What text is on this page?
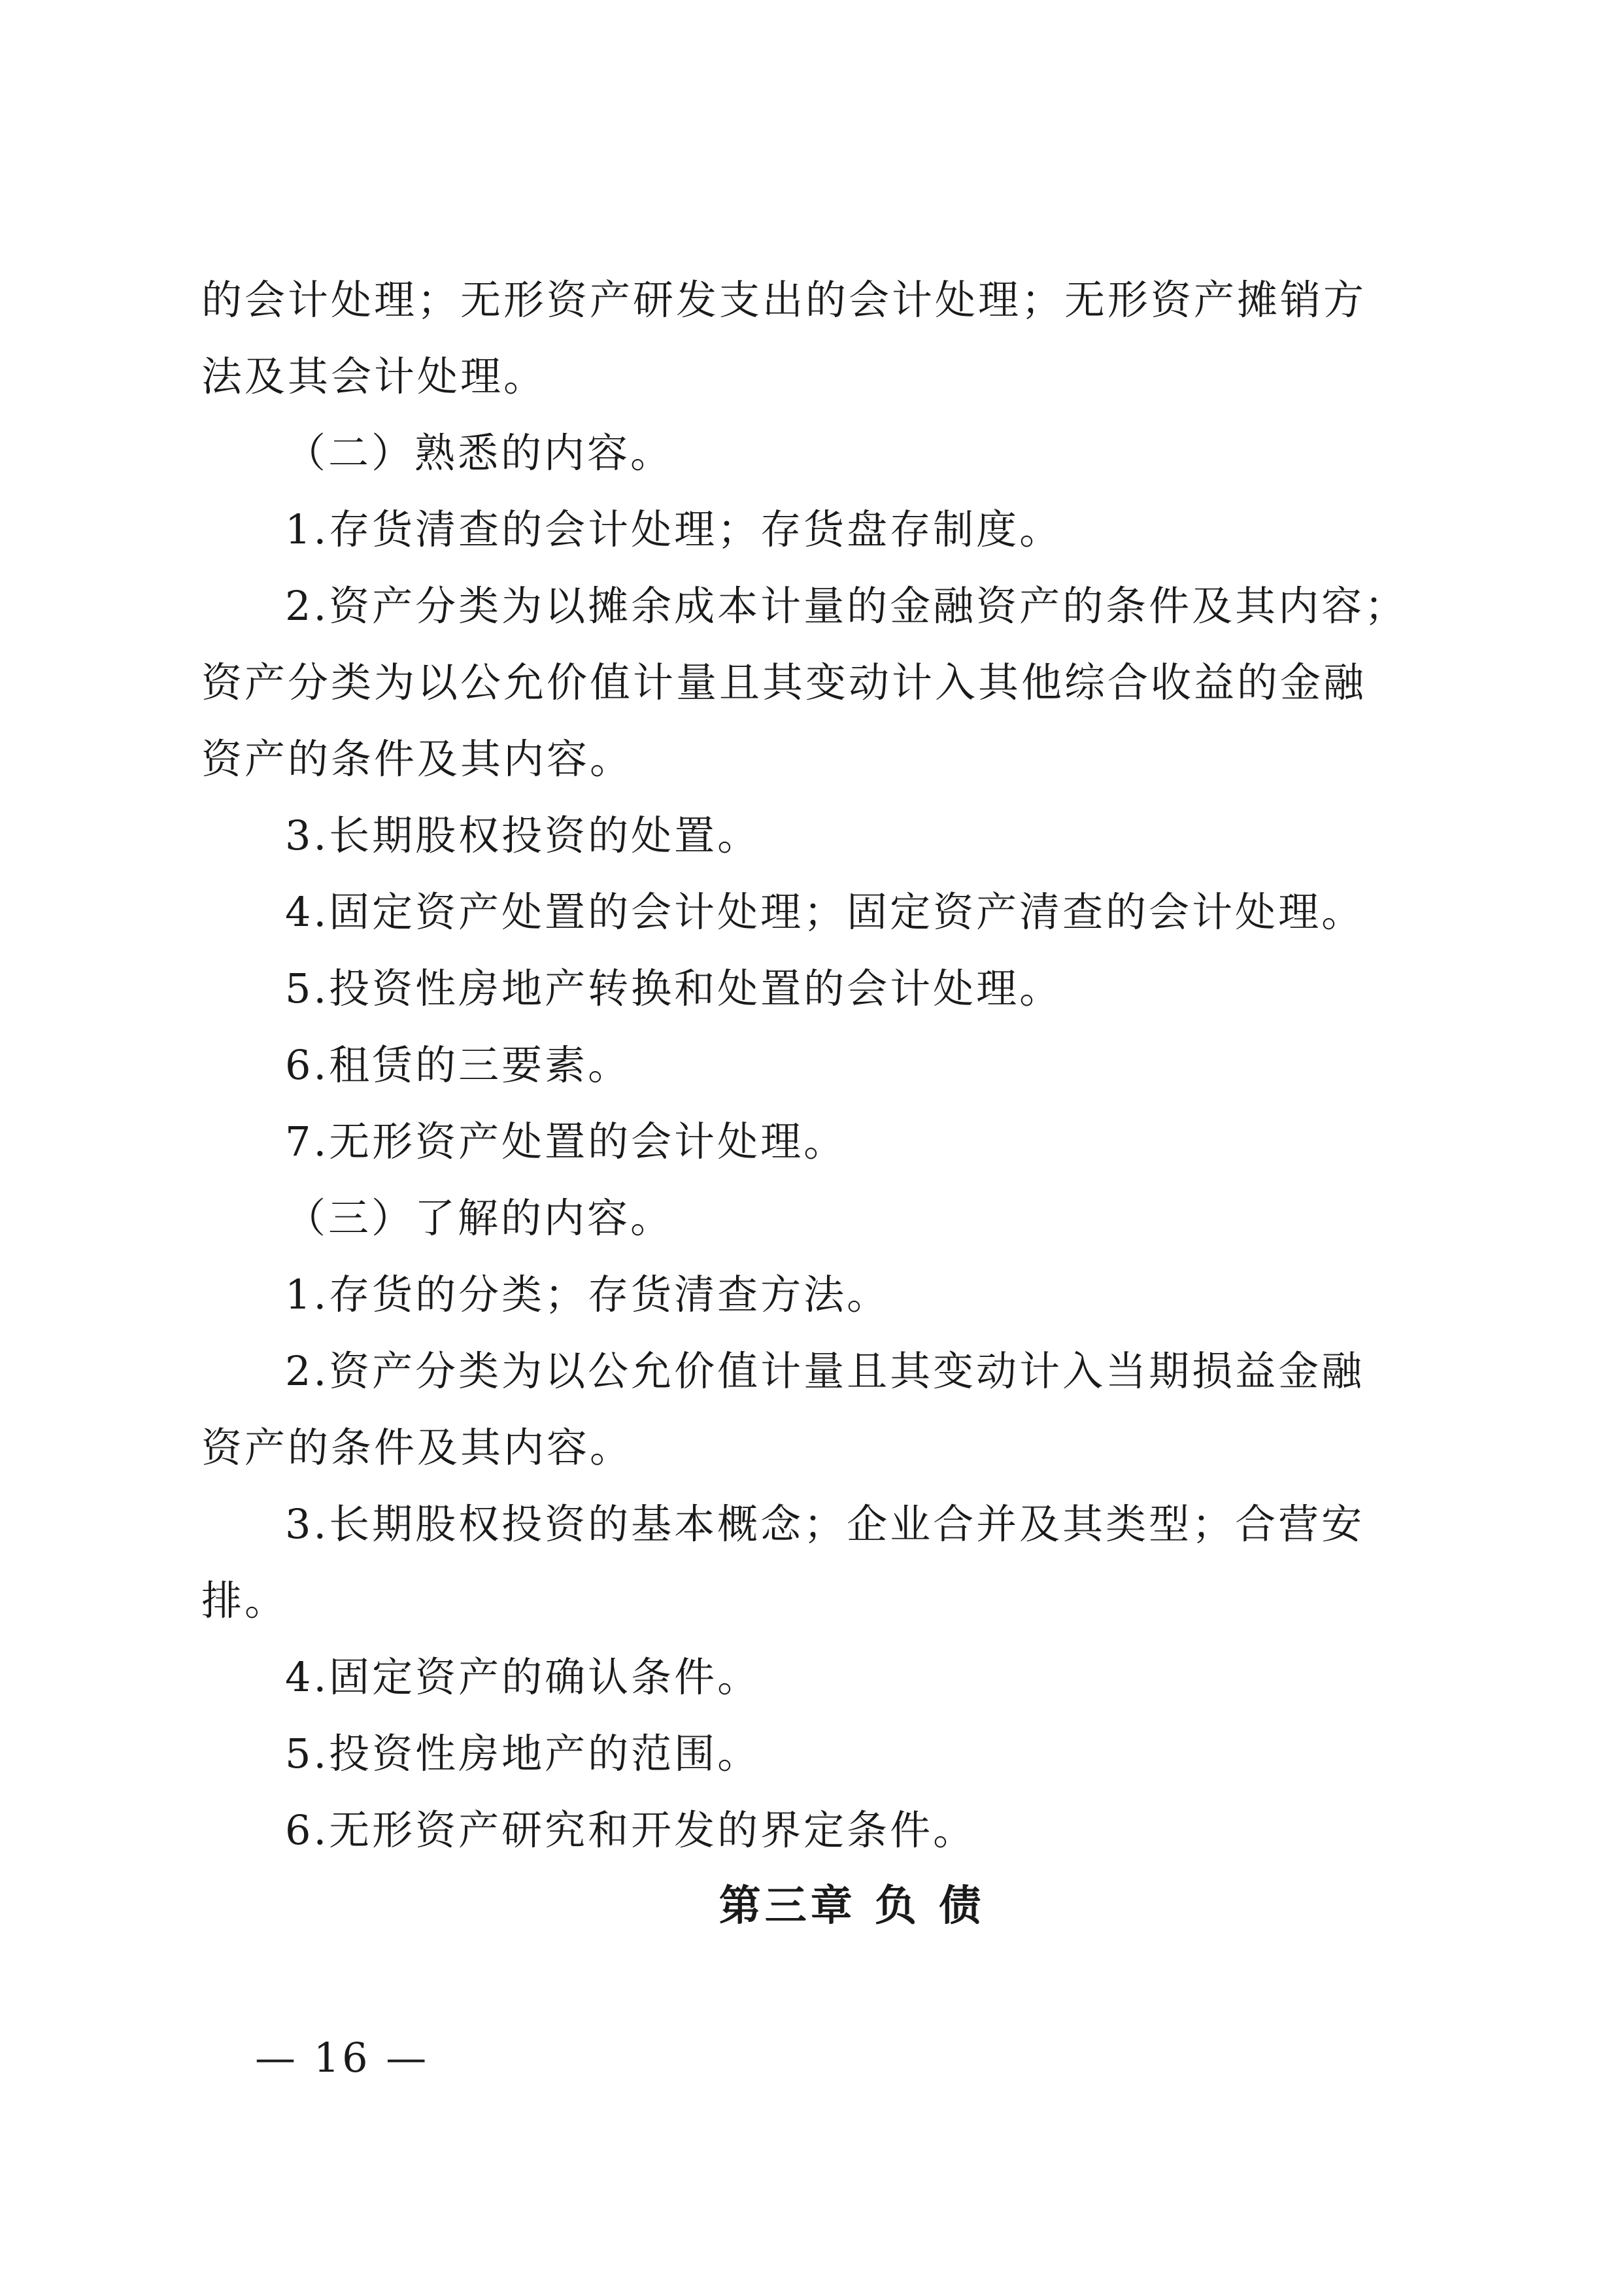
的会计处理；无形资产研发支出的会计处理；无形资产摊销方
法及其会计处理。
（二）熟悉的内容。
1.存货清查的会计处理；存货盘存制度。
2.资产分类为以摊余成本计量的金融资产的条件及其内容；
资产分类为以公允价值计量且其变动计入其他综合收益的金融
资产的条件及其内容。
3.长期股权投资的处置。
4.固定资产处置的会计处理；固定资产清查的会计处理。
5.投资性房地产转换和处置的会计处理。
6.租赁的三要素。
7.无形资产处置的会计处理。
（三）了解的内容。
1.存货的分类；存货清查方法。
2.资产分类为以公允价值计量且其变动计入当期损益金融
资产的条件及其内容。
3.长期股权投资的基本概念；企业合并及其类型；合营安
排。
4.固定资产的确认条件。
5.投资性房地产的范围。
6.无形资产研究和开发的界定条件。
第三章 负 债
— 16 —
